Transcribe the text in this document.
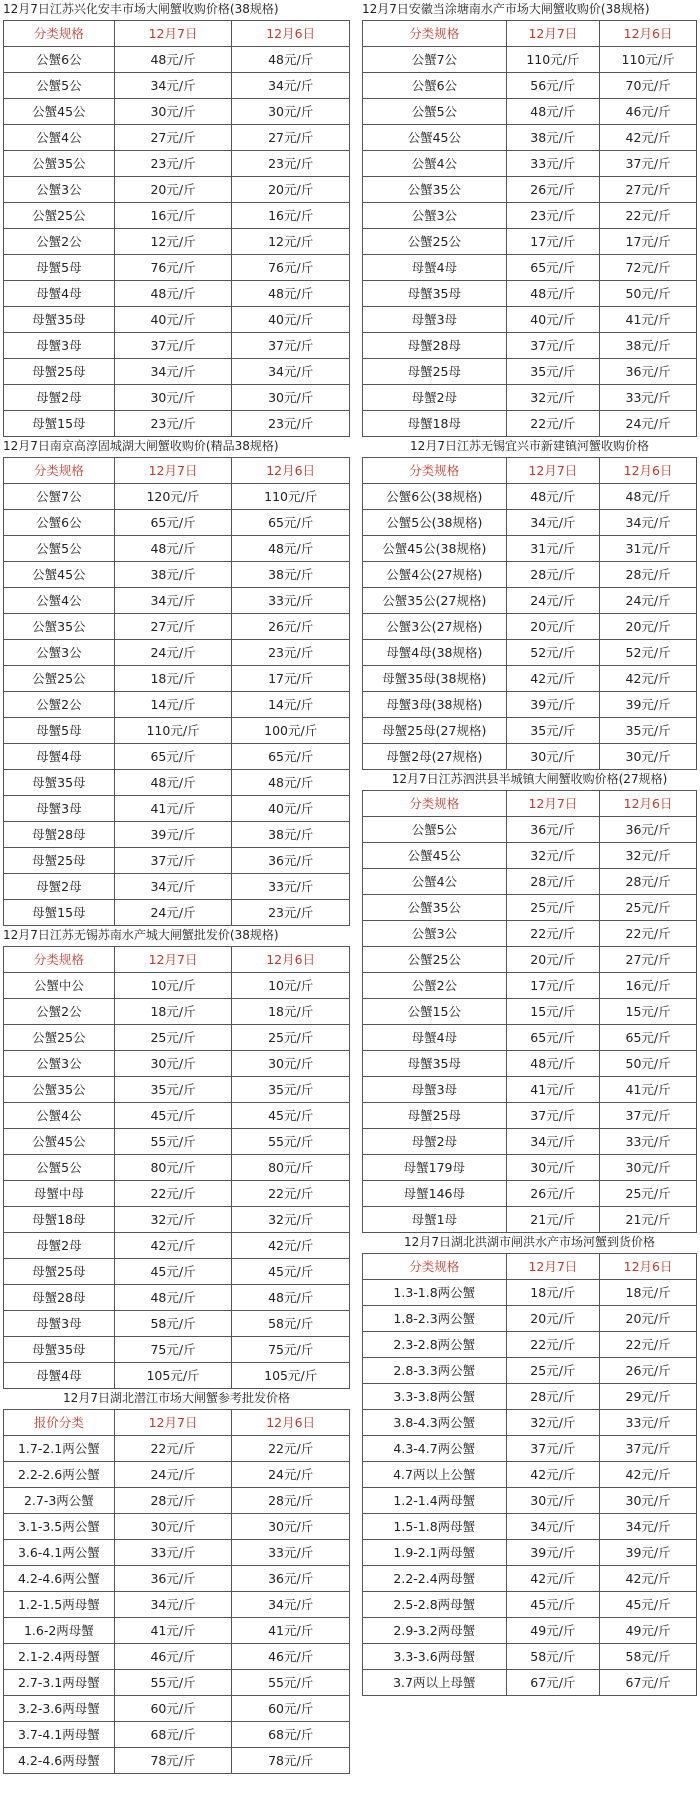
12月7日江苏兴化安丰市场大闸蟹收购价格(38规格)
分类规格	12月7日	12月6日
公蟹6公	48元/斤	48元/斤
公蟹5公	34元/斤	34元/斤
公蟹45公	30元/斤	30元/斤
公蟹4公	27元/斤	27元/斤
公蟹35公	23元/斤	23元/斤
公蟹3公	20元/斤	20元/斤
公蟹25公	16元/斤	16元/斤
公蟹2公	12元/斤	12元/斤
母蟹5母	76元/斤	76元/斤
母蟹4母	48元/斤	48元/斤
母蟹35母	40元/斤	40元/斤
母蟹3母	37元/斤	37元/斤
母蟹25母	34元/斤	34元/斤
母蟹2母	30元/斤	30元/斤
母蟹15母	23元/斤	23元/斤
12月7日南京高淳固城湖大闸蟹收购价(精品38规格)
分类规格	12月7日	12月6日
公蟹7公	120元/斤	110元/斤
公蟹6公	65元/斤	65元/斤
公蟹5公	48元/斤	48元/斤
公蟹45公	38元/斤	38元/斤
公蟹4公	34元/斤	33元/斤
公蟹35公	27元/斤	26元/斤
公蟹3公	24元/斤	23元/斤
公蟹25公	18元/斤	17元/斤
公蟹2公	14元/斤	14元/斤
母蟹5母	110元/斤	100元/斤
母蟹4母	65元/斤	65元/斤
母蟹35母	48元/斤	48元/斤
母蟹3母	41元/斤	40元/斤
母蟹28母	39元/斤	38元/斤
母蟹25母	37元/斤	36元/斤
母蟹2母	34元/斤	33元/斤
母蟹15母	24元/斤	23元/斤
12月7日江苏无锡苏南水产城大闸蟹批发价(38规格)
分类规格	12月7日	12月6日
公蟹中公	10元/斤	10元/斤
公蟹2公	18元/斤	18元/斤
公蟹25公	25元/斤	25元/斤
公蟹3公	30元/斤	30元/斤
公蟹35公	35元/斤	35元/斤
公蟹4公	45元/斤	45元/斤
公蟹45公	55元/斤	55元/斤
公蟹5公	80元/斤	80元/斤
母蟹中母	22元/斤	22元/斤
母蟹18母	32元/斤	32元/斤
母蟹2母	42元/斤	42元/斤
母蟹25母	45元/斤	45元/斤
母蟹28母	48元/斤	48元/斤
母蟹3母	58元/斤	58元/斤
母蟹35母	75元/斤	75元/斤
母蟹4母	105元/斤	105元/斤
12月7日湖北潜江市场大闸蟹参考批发价格
报价分类	12月7日	12月6日
1.7-2.1两公蟹	22元/斤	22元/斤
2.2-2.6两公蟹	24元/斤	24元/斤
2.7-3两公蟹	28元/斤	28元/斤
3.1-3.5两公蟹	30元/斤	30元/斤
3.6-4.1两公蟹	33元/斤	33元/斤
4.2-4.6两公蟹	36元/斤	36元/斤
1.2-1.5两母蟹	34元/斤	34元/斤
1.6-2两母蟹	41元/斤	41元/斤
2.1-2.4两母蟹	46元/斤	46元/斤
2.7-3.1两母蟹	55元/斤	55元/斤
3.2-3.6两母蟹	60元/斤	60元/斤
3.7-4.1两母蟹	68元/斤	68元/斤
4.2-4.6两母蟹	78元/斤	78元/斤
12月7日安徽当涂塘南水产市场大闸蟹收购价(38规格)
分类规格	12月7日	12月6日
公蟹7公	110元/斤	110元/斤
公蟹6公	56元/斤	70元/斤
公蟹5公	48元/斤	46元/斤
公蟹45公	38元/斤	42元/斤
公蟹4公	33元/斤	37元/斤
公蟹35公	26元/斤	27元/斤
公蟹3公	23元/斤	22元/斤
公蟹25公	17元/斤	17元/斤
母蟹4母	65元/斤	72元/斤
母蟹35母	48元/斤	50元/斤
母蟹3母	40元/斤	41元/斤
母蟹28母	37元/斤	38元/斤
母蟹25母	35元/斤	36元/斤
母蟹2母	32元/斤	33元/斤
母蟹18母	22元/斤	24元/斤
12月7日江苏无锡宜兴市新建镇河蟹收购价格
分类规格	12月7日	12月6日
公蟹6公(38规格)	48元/斤	48元/斤
公蟹5公(38规格)	34元/斤	34元/斤
公蟹45公(38规格)	31元/斤	31元/斤
公蟹4公(27规格)	28元/斤	28元/斤
公蟹35公(27规格)	24元/斤	24元/斤
公蟹3公(27规格)	20元/斤	20元/斤
母蟹4母(38规格)	52元/斤	52元/斤
母蟹35母(38规格)	42元/斤	42元/斤
母蟹3母(38规格)	39元/斤	39元/斤
母蟹25母(27规格)	35元/斤	35元/斤
母蟹2母(27规格)	30元/斤	30元/斤
12月7日江苏泗洪县半城镇大闸蟹收购价格(27规格)
分类规格	12月7日	12月6日
公蟹5公	36元/斤	36元/斤
公蟹45公	32元/斤	32元/斤
公蟹4公	28元/斤	28元/斤
公蟹35公	25元/斤	25元/斤
公蟹3公	22元/斤	22元/斤
公蟹25公	20元/斤	27元/斤
公蟹2公	17元/斤	16元/斤
公蟹15公	15元/斤	15元/斤
母蟹4母	65元/斤	65元/斤
母蟹35母	48元/斤	50元/斤
母蟹3母	41元/斤	41元/斤
母蟹25母	37元/斤	37元/斤
母蟹2母	34元/斤	33元/斤
母蟹179母	30元/斤	30元/斤
母蟹146母	26元/斤	25元/斤
母蟹1母	21元/斤	21元/斤
12月7日湖北洪湖市闸洪水产市场河蟹到货价格
分类规格	12月7日	12月6日
1.3-1.8两公蟹	18元/斤	18元/斤
1.8-2.3两公蟹	20元/斤	20元/斤
2.3-2.8两公蟹	22元/斤	22元/斤
2.8-3.3两公蟹	25元/斤	26元/斤
3.3-3.8两公蟹	28元/斤	29元/斤
3.8-4.3两公蟹	32元/斤	33元/斤
4.3-4.7两公蟹	37元/斤	37元/斤
4.7两以上公蟹	42元/斤	42元/斤
1.2-1.4两母蟹	30元/斤	30元/斤
1.5-1.8两母蟹	34元/斤	34元/斤
1.9-2.1两母蟹	39元/斤	39元/斤
2.2-2.4两母蟹	42元/斤	42元/斤
2.5-2.8两母蟹	45元/斤	45元/斤
2.9-3.2两母蟹	49元/斤	49元/斤
3.3-3.6两母蟹	58元/斤	58元/斤
3.7两以上母蟹	67元/斤	67元/斤
